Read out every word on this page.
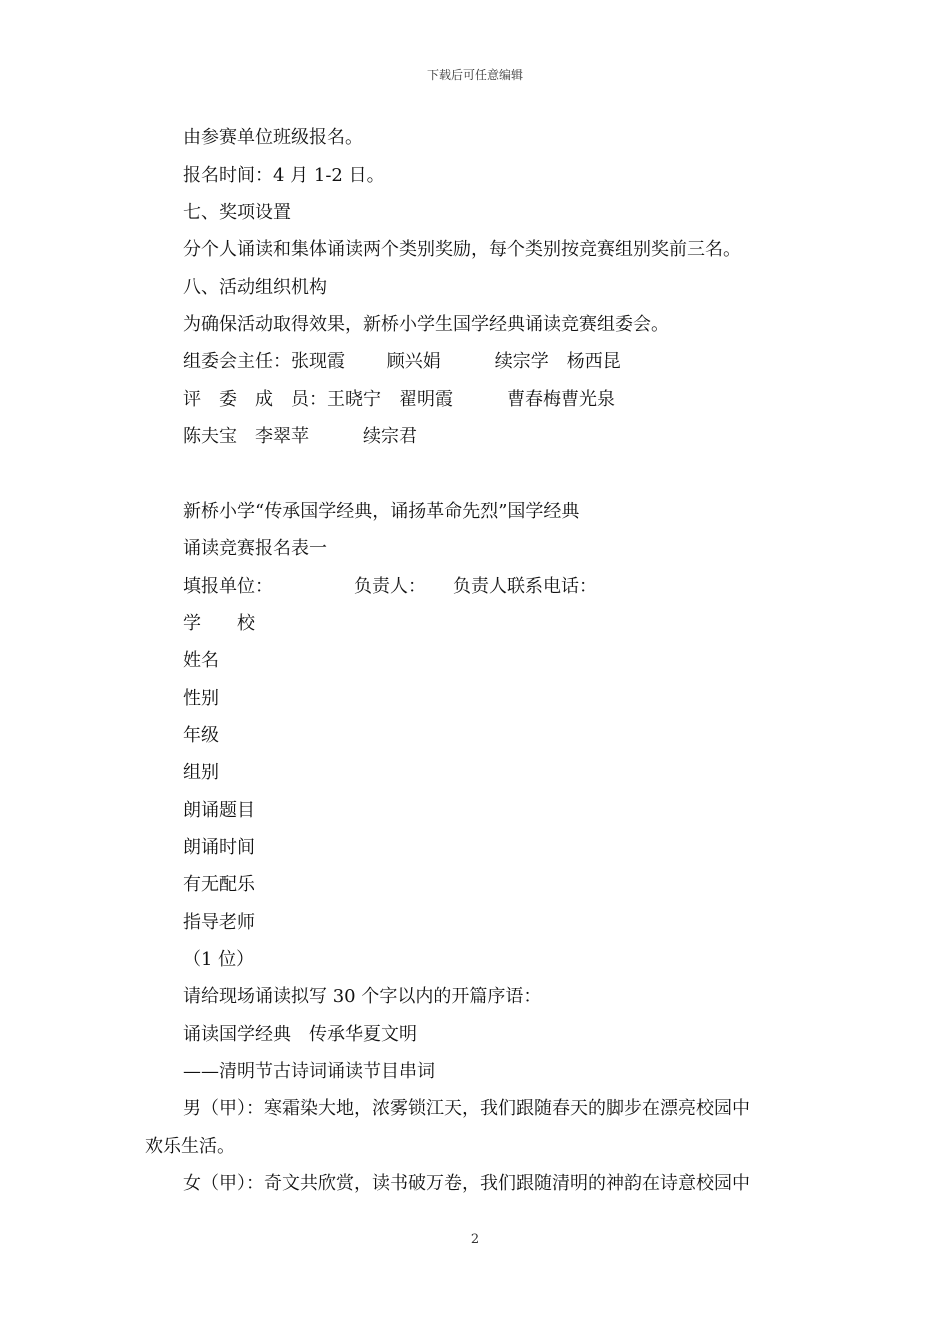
下载后可任意编辑
由参赛单位班级报名。
报名时间：4 月 1-2 日。
七、奖项设置
分个人诵读和集体诵读两个类别奖励，每个类别按竞赛组别奖前三名。
八、活动组织机构
为确保活动取得效果，新桥小学生国学经典诵读竞赛组委会。
组委会主任：张现霞　　 顾兴娟　　　续宗学　杨西昆
评　委　成　员：王晓宁　翟明霞　　　曹春梅曹光泉
陈夫宝　李翠苹　　　续宗君
新桥小学“传承国学经典，诵扬革命先烈”国学经典
诵读竞赛报名表一
填报单位：　　　　　负责人：　　负责人联系电话：
学　　校
姓名
性别
年级
组别
朗诵题目
朗诵时间
有无配乐
指导老师
（1 位）
请给现场诵读拟写 30 个字以内的开篇序语：
诵读国学经典　传承华夏文明
——清明节古诗词诵读节目串词
男（甲）：寒霜染大地，浓雾锁江天，我们跟随春天的脚步在漂亮校园中
欢乐生活。
女（甲）：奇文共欣赏，读书破万卷，我们跟随清明的神韵在诗意校园中
2
